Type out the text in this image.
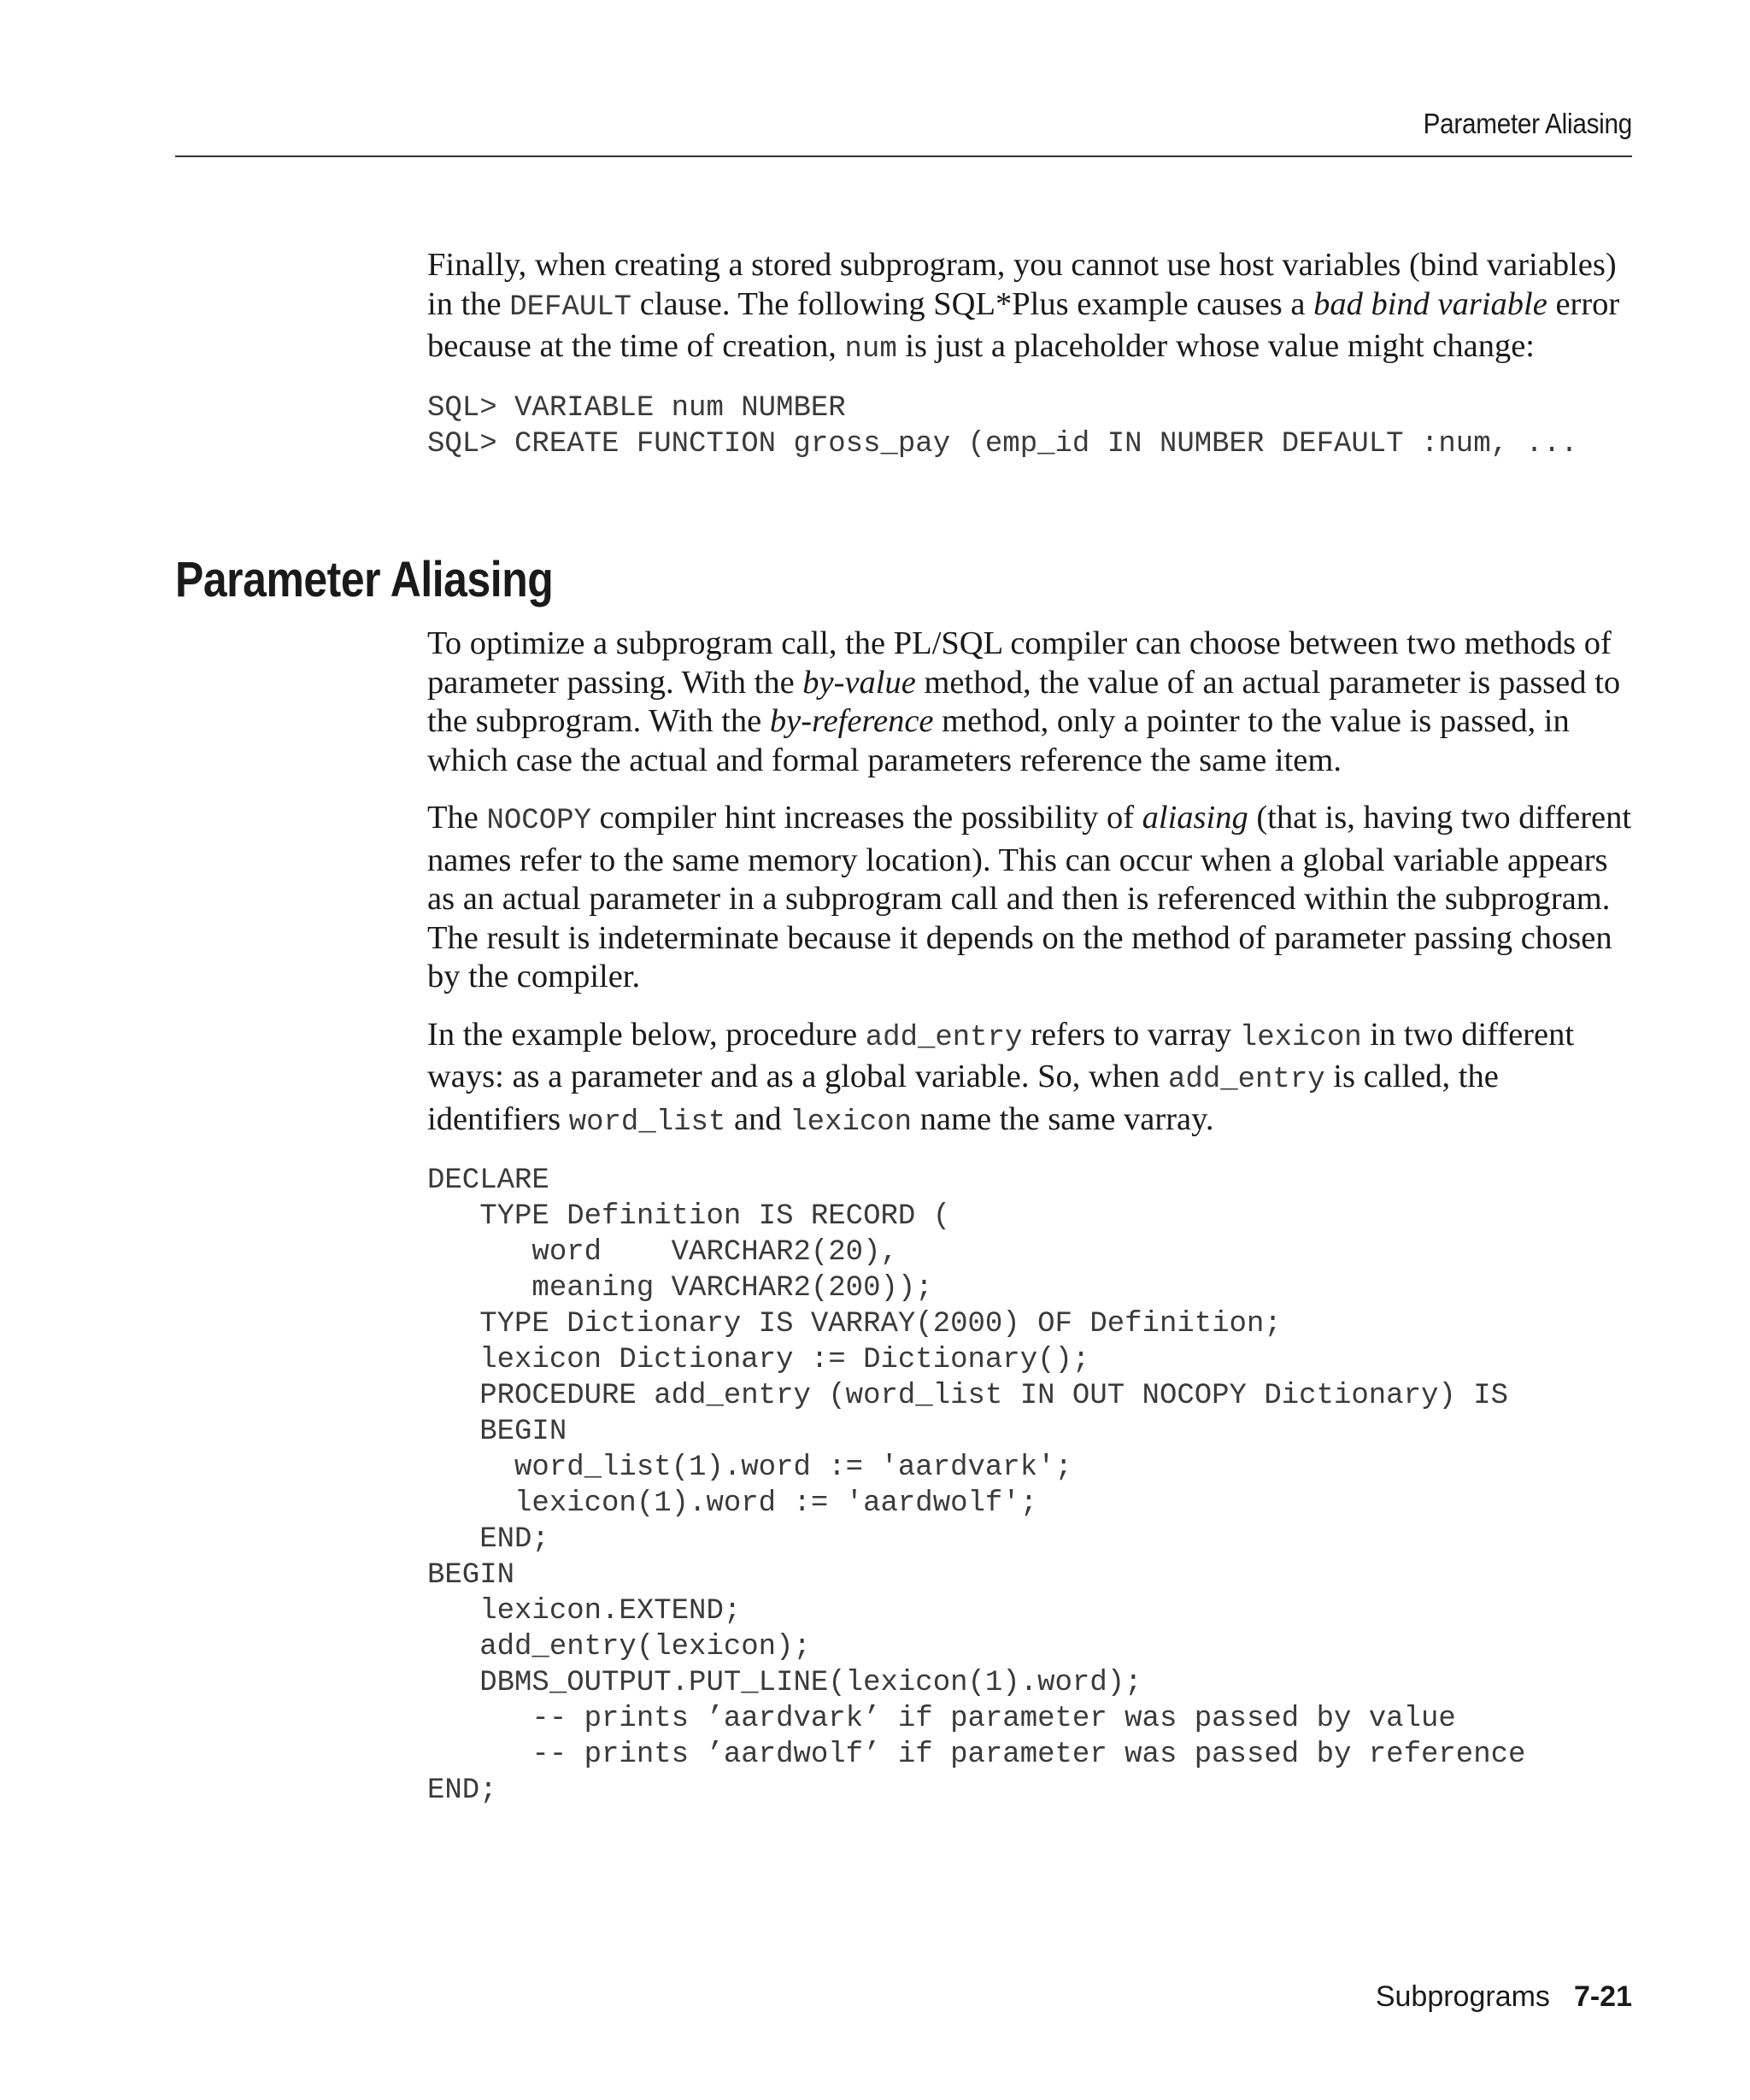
Parameter Aliasing

Finally, when creating a stored subprogram, you cannot use host variables (bind variables) in the DEFAULT clause. The following SQL*Plus example causes a bad bind variable error because at the time of creation, num is just a placeholder whose value might change:

SQL> VARIABLE num NUMBER
SQL> CREATE FUNCTION gross_pay (emp_id IN NUMBER DEFAULT :num, ...
Parameter Aliasing

To optimize a subprogram call, the PL/SQL compiler can choose between two methods of parameter passing. With the by-value method, the value of an actual parameter is passed to the subprogram. With the by-reference method, only a pointer to the value is passed, in which case the actual and formal parameters reference the same item.

The NOCOPY compiler hint increases the possibility of aliasing (that is, having two different names refer to the same memory location). This can occur when a global variable appears as an actual parameter in a subprogram call and then is referenced within the subprogram. The result is indeterminate because it depends on the method of parameter passing chosen by the compiler.

In the example below, procedure add_entry refers to varray lexicon in two different ways: as a parameter and as a global variable. So, when add_entry is called, the identifiers word_list and lexicon name the same varray.

DECLARE
TYPE Definition IS RECORD (
word    VARCHAR2(20),
meaning VARCHAR2(200));
TYPE Dictionary IS VARRAY(2000) OF Definition;
lexicon Dictionary := Dictionary();
PROCEDURE add_entry (word_list IN OUT NOCOPY Dictionary) IS
BEGIN
word_list(1).word := 'aardvark';
lexicon(1).word := 'aardwolf';
END;
BEGIN
lexicon.EXTEND;
add_entry(lexicon);
DBMS_OUTPUT.PUT_LINE(lexicon(1).word);
-- prints ’aardvark’ if parameter was passed by value
-- prints ’aardwolf’ if parameter was passed by reference
END;
Subprograms 7-21
